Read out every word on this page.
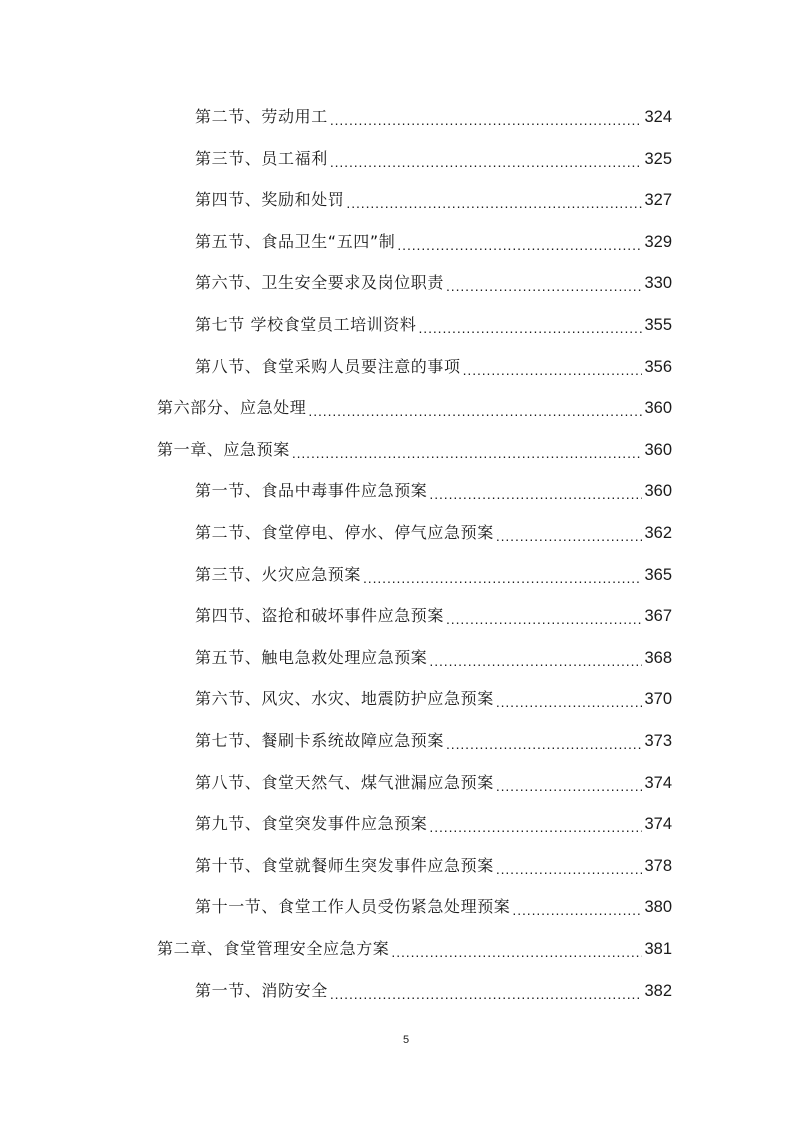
第二节、劳动用工 .....	324
第三节、员工福利 .....	325
第四节、奖励和处罚 .....	327
第五节、食品卫生“五四”制 .....	329
第六节、卫生安全要求及岗位职责 .....	330
第七节 学校食堂员工培训资料 .....	355
第八节、食堂采购人员要注意的事项 .....	356
第六部分、应急处理 .....	360
第一章、应急预案 .....	360
第一节、食品中毒事件应急预案 .....	360
第二节、食堂停电、停水、停气应急预案 .....	362
第三节、火灾应急预案 .....	365
第四节、盗抢和破坏事件应急预案 .....	367
第五节、触电急救处理应急预案 .....	368
第六节、风灾、水灾、地震防护应急预案 .....	370
第七节、餐刷卡系统故障应急预案 .....	373
第八节、食堂天然气、煤气泄漏应急预案 .....	374
第九节、食堂突发事件应急预案 .....	374
第十节、食堂就餐师生突发事件应急预案 .....	378
第十一节、食堂工作人员受伤紧急处理预案 .....	380
第二章、食堂管理安全应急方案 .....	381
第一节、消防安全 .....	382
5
